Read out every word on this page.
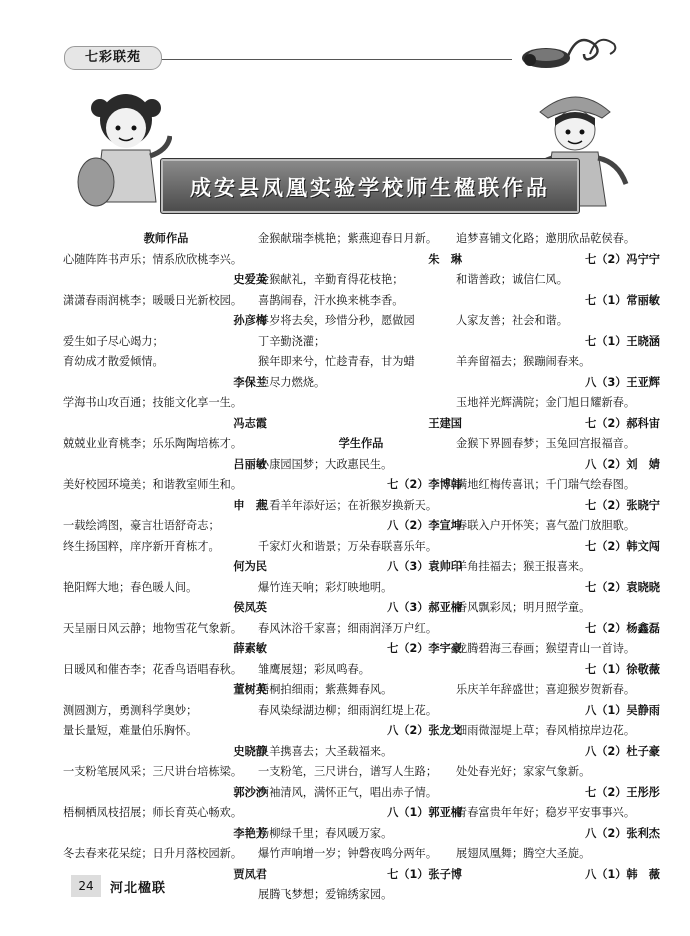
七彩联苑
成安县凤凰实验学校师生楹联作品
教师作品
心随阵阵书声乐；情系欣欣桃李兴。
史爱英
潇潇春雨润桃李；暖暖日光新校园。
孙彦梅
爱生如子尽心竭力；
育幼成才散爱倾情。
李保兰
学海书山攻百通；技能文化享一生。
冯志霞
兢兢业业育桃李；乐乐陶陶培栋才。
吕丽敏
美好校园环境美；和谐教室师生和。
申　燕
一载绘鸿图，豪言壮语舒奇志；
终生扬国粹，庠序新开育栋才。
何为民
艳阳辉大地；春色暖人间。
侯凤英
天呈丽日风云静；地物雪花气象新。
薛素敏
日暖风和催杏李；花香鸟语唱春秋。
董树英
测圆测方，勇测科学奥妙；
量长量短，难量伯乐胸怀。
史晓静
一支粉笔展风采；三尺讲台培栋梁。
郭沙沙
梧桐栖凤枝招展；师长育英心畅欢。
李艳芳
冬去春来花呆绽；日升月落校园新。
贾凤君
金猴献瑞李桃艳；紫燕迎春日月新。
朱　琳
金猴献礼，辛勤育得花枝艳；
喜鹊闹春，汗水换来桃李香。
羊岁将去矣，珍惜分秒，愿做园
丁辛勤浇灌；
猴年即来兮，忙趁青春，甘为蜡
炬尽力燃烧。
王建国
学生作品
小康园国梦；大政惠民生。
七（2）李博韩
已看羊年添好运；在祈猴岁换新天。
八（2）李宣坤
千家灯火和谐景；万朵春联喜乐年。
八（3）袁帅印
爆竹连天响；彩灯映地明。
八（3）郝亚楠
春风沐浴千家喜；细雨润泽万户红。
七（2）李宇豪
雏鹰展翅；彩凤鸣春。
梧桐拍细雨；紫燕舞春风。
春风染绿湖边柳；细雨润红堤上花。
八（2）张龙戈
灵羊携喜去；大圣载福来。
一支粉笔，三尺讲台，谱写人生路；
两袖清风，满怀正气，唱出赤子情。
八（1）郭亚楠
杨柳绿千里；春风暖万家。
爆竹声响增一岁；钟磬夜鸣分两年。
七（1）张子博
展腾飞梦想；爱锦绣家园。
追梦喜铺文化路；邀朋欣品乾侯春。
七（2）冯宁宁
和谐善政；诚信仁风。
七（1）常丽敏
人家友善；社会和谐。
七（1）王晓涵
羊奔留福去；猴蹦闹春来。
八（3）王亚辉
玉地祥光辉满院；金门旭日耀新春。
七（2）郝科宙
金猴下界圆春梦；玉兔回宫报福音。
八（2）刘　婧
满地红梅传喜讯；千门瑞气绘春图。
七（2）张晓宁
春联入户开怀笑；喜气盈门放胆歌。
七（2）韩文闯
羊角挂福去；猴王报喜来。
七（2）袁晓晓
香风飘彩凤；明月照学童。
七（2）杨鑫磊
龙腾碧海三春画；猴望青山一首诗。
七（1）徐敬薇
乐庆羊年辞盛世；喜迎猴岁贺新春。
八（1）吴静雨
细雨微湿堤上草；春风梢掠岸边花。
八（2）杜子豪
处处春光好；家家气象新。
七（2）王彤彤
青春富贵年年好；稳岁平安事事兴。
八（2）张利杰
展翅凤凰舞；腾空大圣旋。
八（1）韩　薇
24	河北楹联
